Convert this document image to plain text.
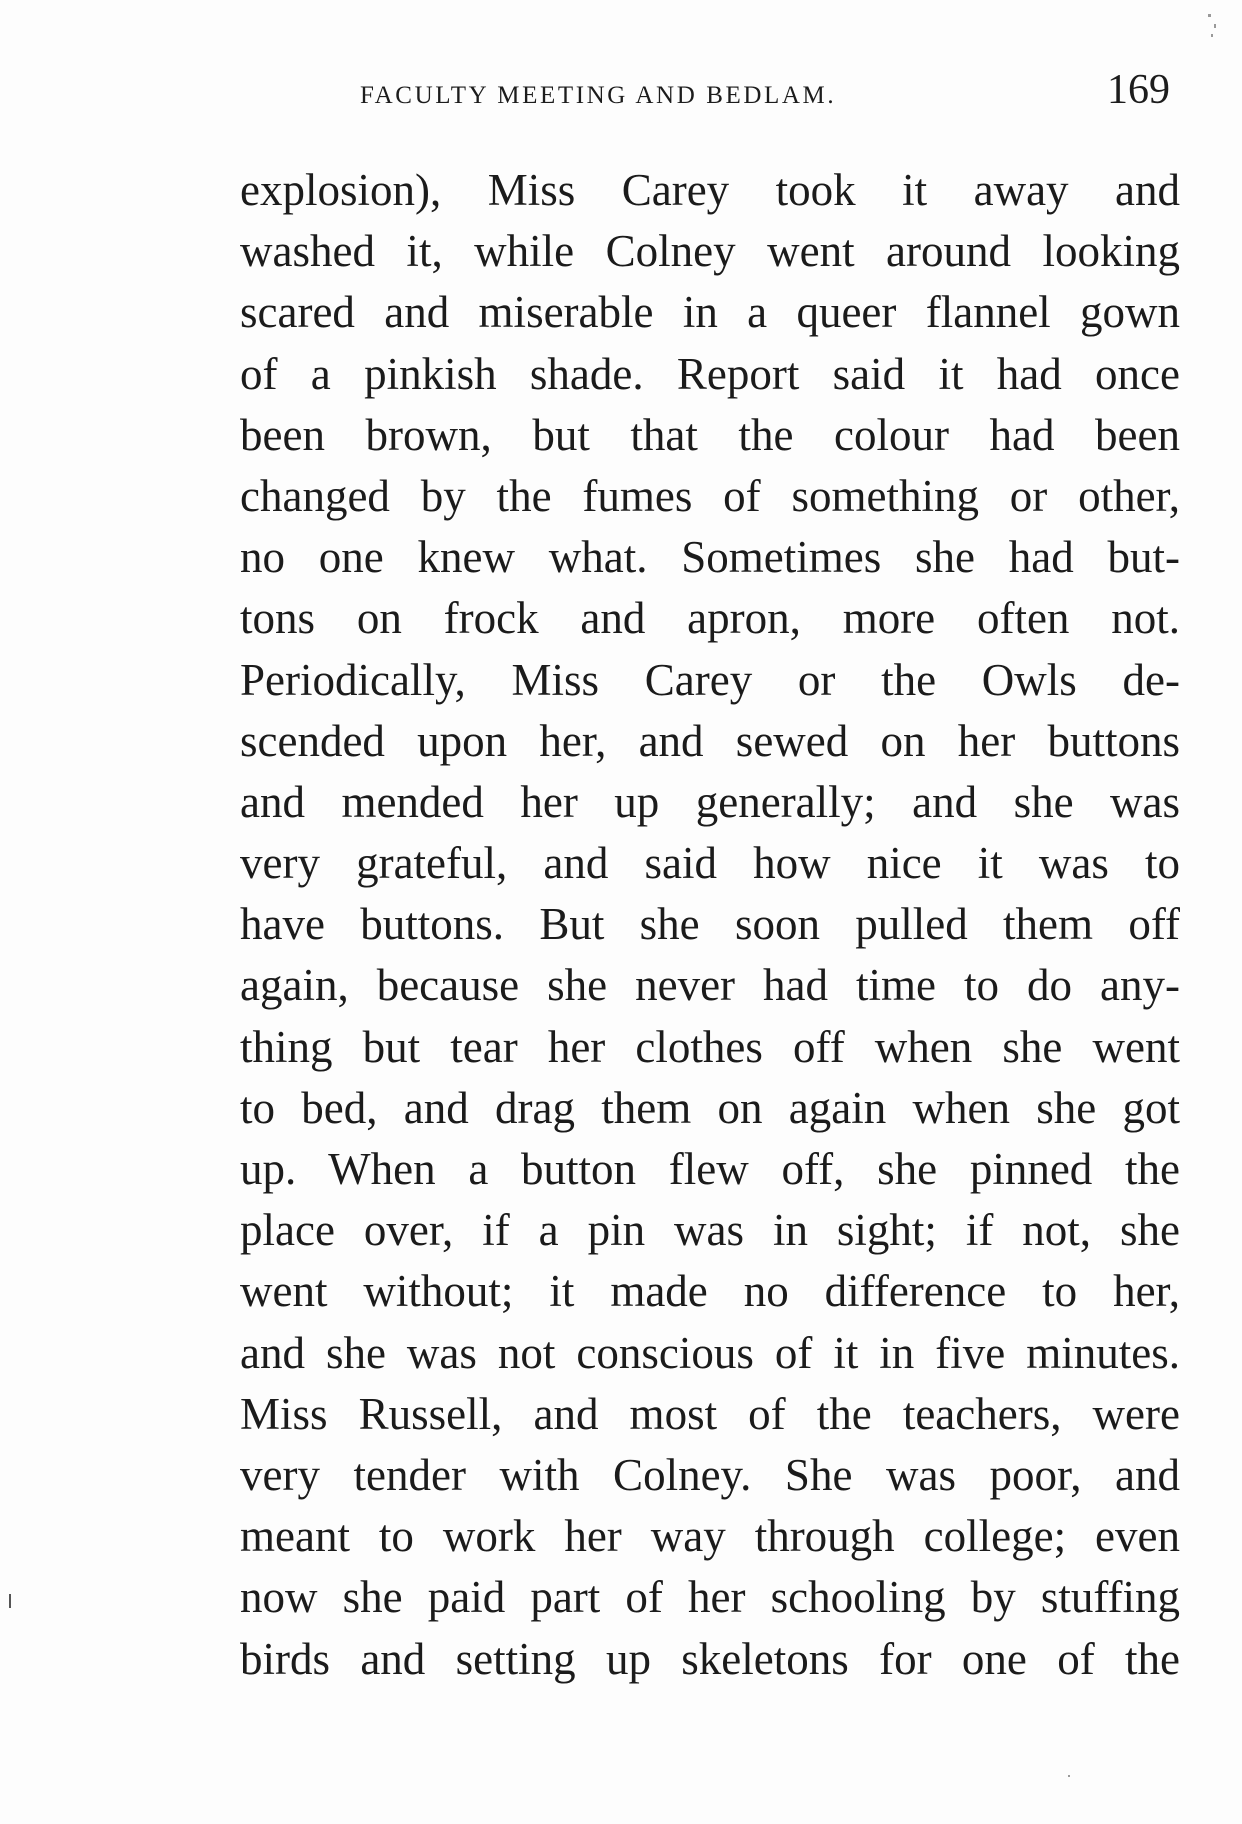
FACULTY MEETING AND BEDLAM.	169
explosion), Miss Carey took it away and
washed it, while Colney went around looking
scared and miserable in a queer flannel gown
of a pinkish shade. Report said it had once
been brown, but that the colour had been
changed by the fumes of something or other,
no one knew what. Sometimes she had but-
tons on frock and apron, more often not.
Periodically, Miss Carey or the Owls de-
scended upon her, and sewed on her buttons
and mended her up generally; and she was
very grateful, and said how nice it was to
have buttons. But she soon pulled them off
again, because she never had time to do any-
thing but tear her clothes off when she went
to bed, and drag them on again when she got
up. When a button flew off, she pinned the
place over, if a pin was in sight; if not, she
went without; it made no difference to her,
and she was not conscious of it in five minutes.
Miss Russell, and most of the teachers, were
very tender with Colney. She was poor, and
meant to work her way through college; even
now she paid part of her schooling by stuffing
birds and setting up skeletons for one of the
